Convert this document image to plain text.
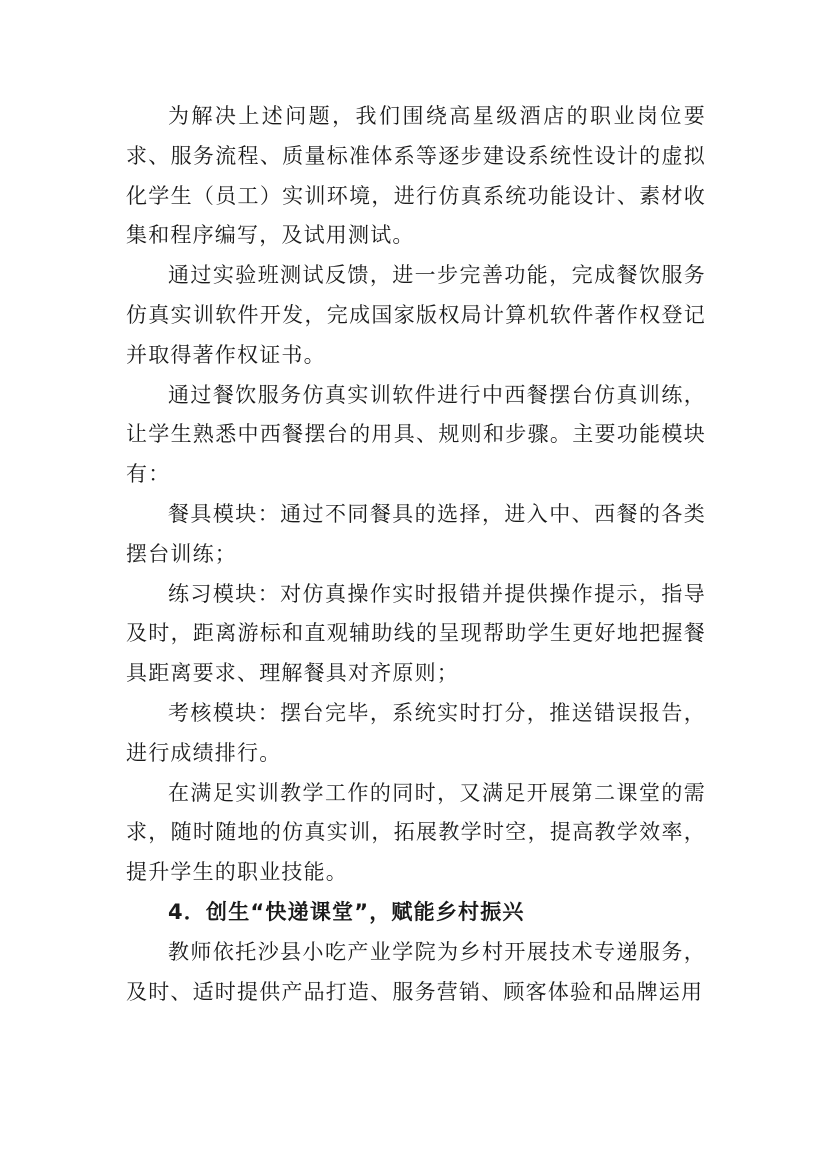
为解决上述问题，我们围绕高星级酒店的职业岗位要求、服务流程、质量标准体系等逐步建设系统性设计的虚拟化学生（员工）实训环境，进行仿真系统功能设计、素材收集和程序编写，及试用测试。

通过实验班测试反馈，进一步完善功能，完成餐饮服务仿真实训软件开发，完成国家版权局计算机软件著作权登记并取得著作权证书。

通过餐饮服务仿真实训软件进行中西餐摆台仿真训练，让学生熟悉中西餐摆台的用具、规则和步骤。主要功能模块有：

餐具模块：通过不同餐具的选择，进入中、西餐的各类摆台训练；

练习模块：对仿真操作实时报错并提供操作提示，指导及时，距离游标和直观辅助线的呈现帮助学生更好地把握餐具距离要求、理解餐具对齐原则；

考核模块：摆台完毕，系统实时打分，推送错误报告，进行成绩排行。

在满足实训教学工作的同时，又满足开展第二课堂的需求，随时随地的仿真实训，拓展教学时空，提高教学效率，提升学生的职业技能。

4．创生“快递课堂”，赋能乡村振兴

教师依托沙县小吃产业学院为乡村开展技术专递服务，及时、适时提供产品打造、服务营销、顾客体验和品牌运用
